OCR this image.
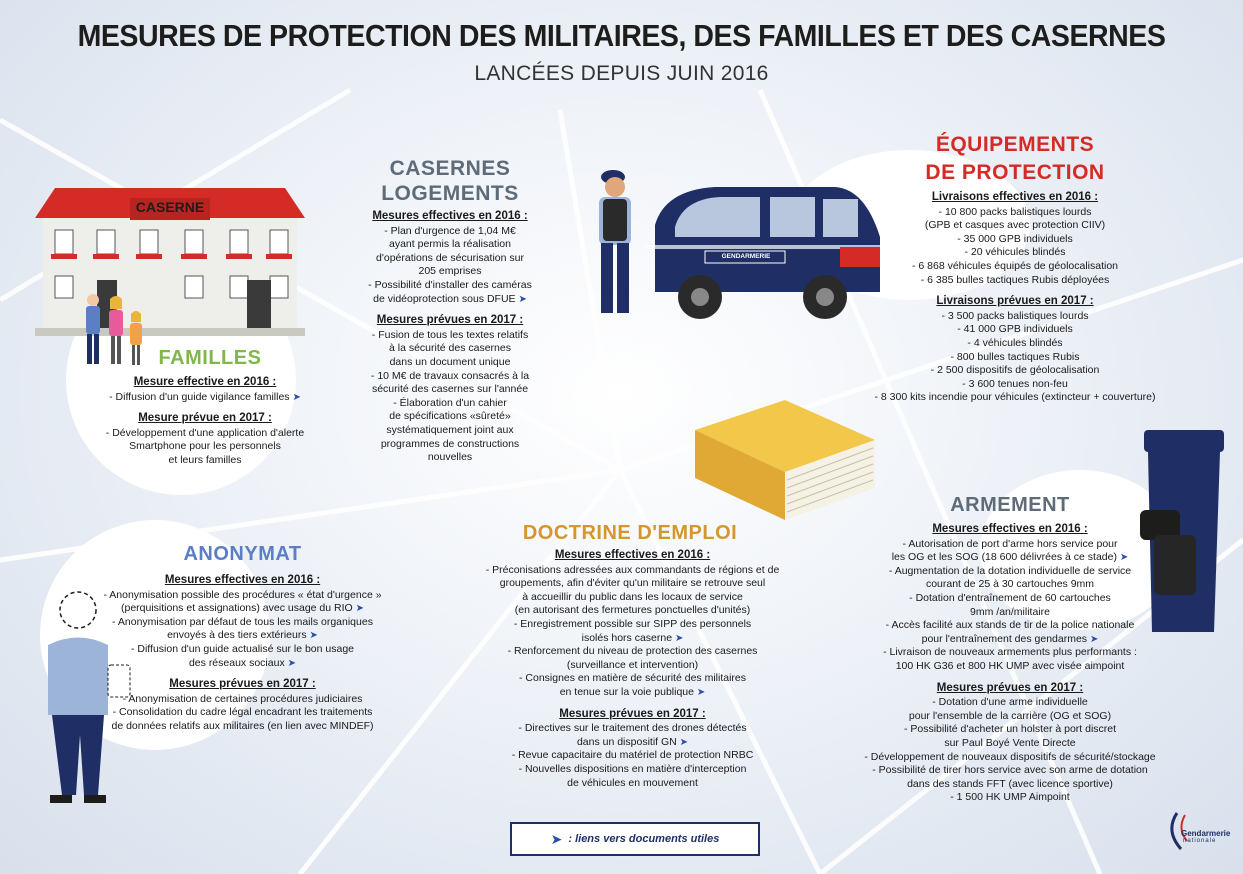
MESURES DE PROTECTION DES MILITAIRES, DES FAMILLES ET DES CASERNES
LANCÉES DEPUIS JUIN 2016
CASERNE
FAMILLES
Mesure effective en 2016 :
- Diffusion d'un guide vigilance familles ➤
Mesure prévue en 2017 :
- Développement d'une application d'alerte
Smartphone pour les personnels
et leurs familles
CASERNES
LOGEMENTS
Mesures effectives en 2016 :
- Plan d'urgence de 1,04 M€
ayant permis la réalisation
d'opérations de sécurisation sur
205 emprises
- Possibilité d'installer des caméras
de vidéoprotection sous DFUE ➤
Mesures prévues en 2017 :
- Fusion de tous les textes relatifs
à la sécurité des casernes
dans un document unique
- 10 M€ de travaux consacrés à la
sécurité des casernes sur l'année
- Élaboration d'un cahier
de spécifications «sûreté»
systématiquement joint aux
programmes de constructions
nouvelles
GENDARMERIE
ÉQUIPEMENTS
DE PROTECTION
Livraisons effectives en 2016 :
- 10 800 packs balistiques lourds
(GPB et casques avec protection CIIV)
- 35 000 GPB individuels
- 20 véhicules blindés
- 6 868 véhicules équipés de géolocalisation
- 6 385 bulles tactiques Rubis déployées
Livraisons prévues en 2017 :
- 3 500 packs balistiques lourds
- 41 000 GPB individuels
- 4 véhicules blindés
- 800 bulles tactiques Rubis
- 2 500 dispositifs de géolocalisation
- 3 600 tenues non-feu
- 8 300 kits incendie pour véhicules (extincteur + couverture)
ANONYMAT
Mesures effectives en 2016 :
- Anonymisation possible des procédures « état d'urgence »
(perquisitions et assignations) avec usage du RIO ➤
- Anonymisation par défaut de tous les mails organiques
envoyés à des tiers extérieurs ➤
- Diffusion d'un guide actualisé sur le bon usage
des réseaux sociaux ➤
Mesures prévues en 2017 :
- Anonymisation de certaines procédures judiciaires
- Consolidation du cadre légal encadrant les traitements
de données relatifs aux militaires (en lien avec MINDEF)
DOCTRINE D'EMPLOI
Mesures effectives en 2016 :
- Préconisations adressées aux commandants de régions et de
groupements, afin d'éviter qu'un militaire se retrouve seul
à accueillir du public dans les locaux de service
(en autorisant des fermetures ponctuelles d'unités)
- Enregistrement possible sur SIPP des personnels
isolés hors caserne ➤
- Renforcement du niveau de protection des casernes
(surveillance et intervention)
- Consignes en matière de sécurité des militaires
en tenue sur la voie publique ➤
Mesures prévues en 2017 :
- Directives sur le traitement des drones détectés
dans un dispositif GN ➤
- Revue capacitaire du matériel de protection NRBC
- Nouvelles dispositions en matière d'interception
de véhicules en mouvement
ARMEMENT
Mesures effectives en 2016 :
- Autorisation de port d'arme hors service pour
les OG et les SOG (18 600 délivrées à ce stade) ➤
- Augmentation de la dotation individuelle de service
courant de 25 à 30 cartouches 9mm
- Dotation d'entraînement de 60 cartouches
9mm /an/militaire
- Accès facilité aux stands de tir de la police nationale
pour l'entraînement des gendarmes ➤
- Livraison de nouveaux armements plus performants :
100 HK G36 et 800 HK UMP avec visée aimpoint
Mesures prévues en 2017 :
- Dotation d'une arme individuelle
pour l'ensemble de la carrière (OG et SOG)
- Possibilité d'acheter un holster à port discret
sur Paul Boyé Vente Directe
- Développement de nouveaux dispositifs de sécurité/stockage
- Possibilité de tirer hors service avec son arme de dotation
dans des stands FFT (avec licence sportive)
- 1 500 HK UMP Aimpoint
➤ : liens vers documents utiles	Gendarmerie
nationale
